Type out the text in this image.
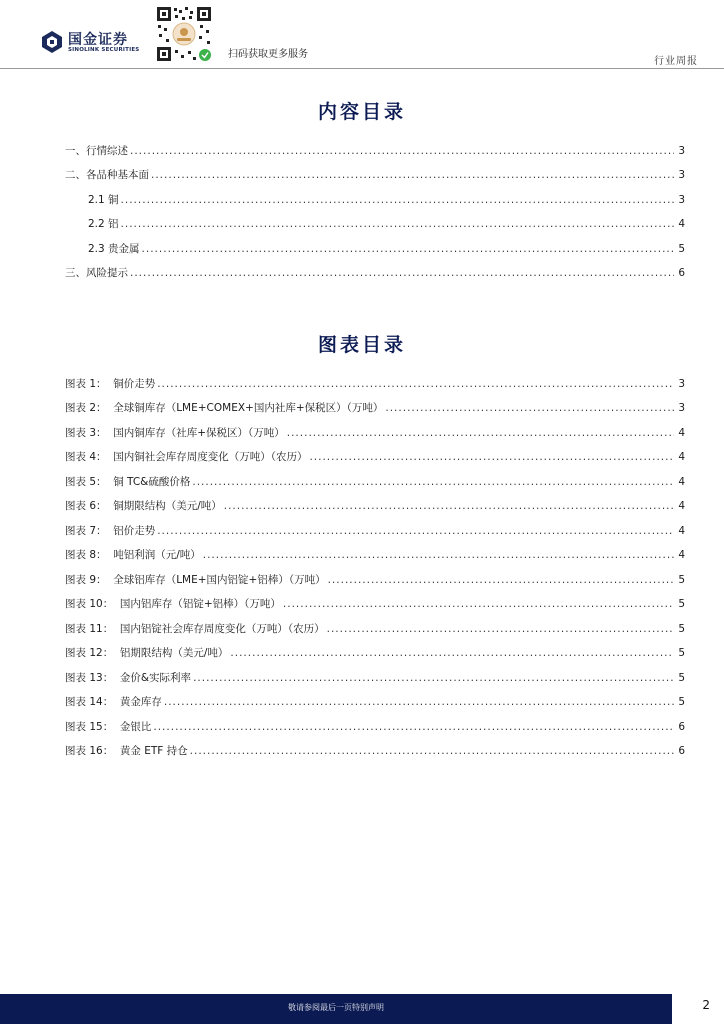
国金证券
SINOLINK SECURITIES	扫码获取更多服务
行业周报
内容目录
一、行情综述 .....	3
二、各品种基本面 .....	3
2.1 铜 .....	3
2.2 铝 .....	4
2.3 贵金属 .....	5
三、风险提示 .....	6
图表目录
图表 1：  铜价走势 .....	3
图表 2：  全球铜库存（LME+COMEX+国内社库+保税区）（万吨） .....	3
图表 3：  国内铜库存（社库+保税区）（万吨） .....	4
图表 4：  国内铜社会库存周度变化（万吨）（农历） .....	4
图表 5：  铜 TC&硫酸价格 .....	4
图表 6：  铜期限结构（美元/吨） .....	4
图表 7：  铝价走势 .....	4
图表 8：  吨铝利润（元/吨） .....	4
图表 9：  全球铝库存（LME+国内铝锭+铝棒）（万吨） .....	5
图表 10：  国内铝库存（铝锭+铝棒）（万吨） .....	5
图表 11：  国内铝锭社会库存周度变化（万吨）（农历） .....	5
图表 12：  铝期限结构（美元/吨） .....	5
图表 13：  金价&实际利率 .....	5
图表 14：  黄金库存 .....	5
图表 15：  金银比 .....	6
图表 16：  黄金 ETF 持仓 .....	6
敬请参阅最后一页特别声明	2
